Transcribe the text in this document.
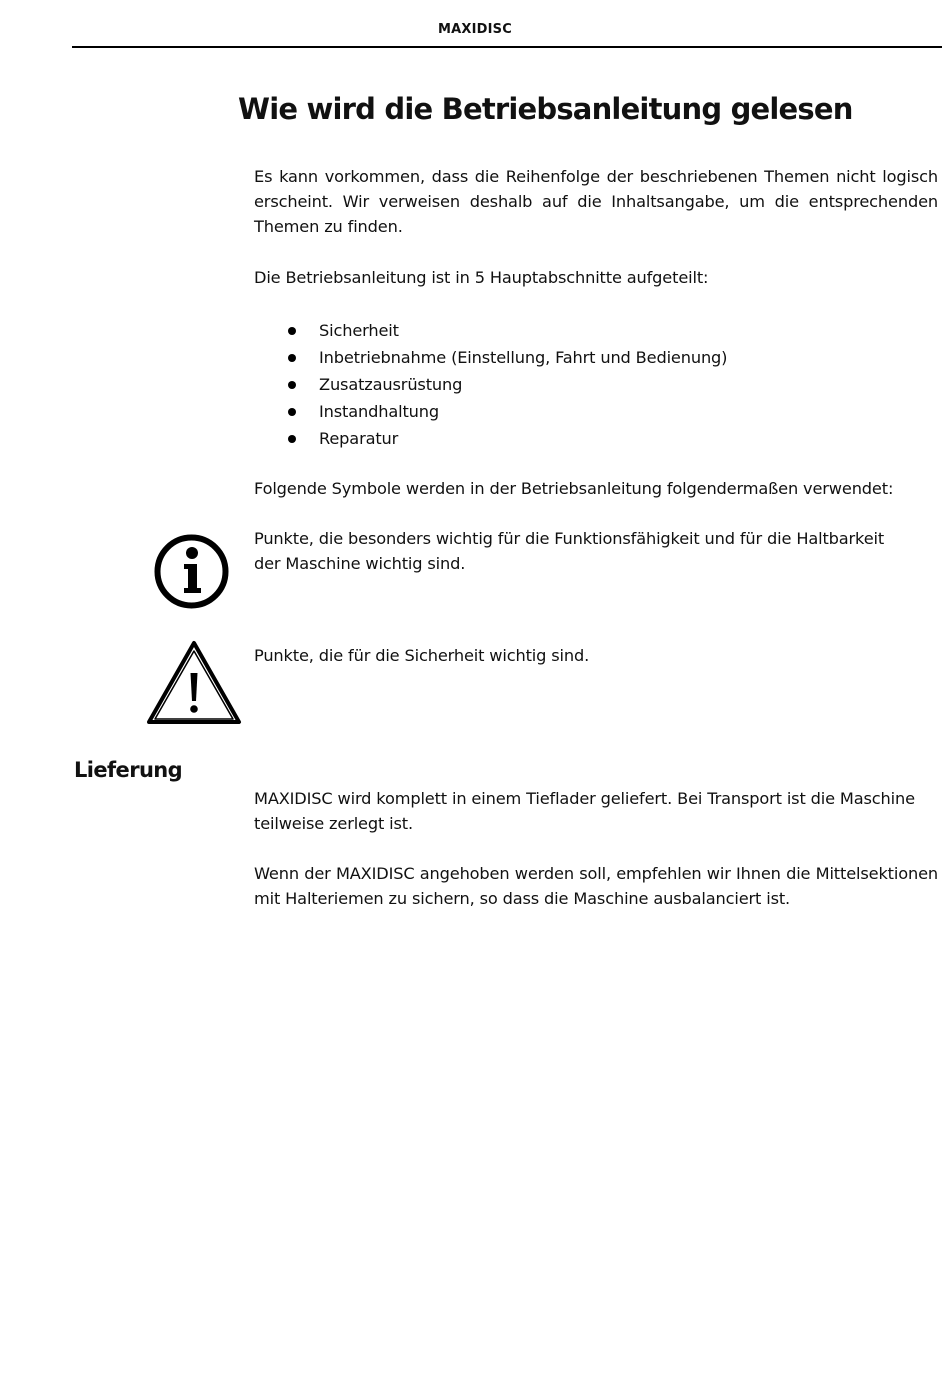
MAXIDISC
Wie wird die Betriebsanleitung gelesen

Es kann vorkommen, dass die Reihenfolge der beschriebenen Themen nicht logisch erscheint. Wir verweisen deshalb auf die Inhaltsangabe, um die entsprechenden Themen zu finden.

Die Betriebsanleitung ist in 5 Hauptabschnitte aufgeteilt:

Sicherheit
Inbetriebnahme (Einstellung, Fahrt und Bedienung)
Zusatzausrüstung
Instandhaltung
Reparatur

Folgende Symbole werden in der Betriebsanleitung folgendermaßen verwendet:

Punkte, die besonders wichtig für die Funktionsfähigkeit und für die Haltbarkeit der Maschine wichtig sind.

Punkte, die für die Sicherheit wichtig sind.

Lieferung

MAXIDISC wird komplett in einem Tieflader geliefert. Bei Transport ist die Maschine teilweise zerlegt ist.

Wenn der MAXIDISC angehoben werden soll, empfehlen wir Ihnen die Mittelsektionen mit Halteriemen zu sichern, so dass die Maschine ausbalanciert ist.
